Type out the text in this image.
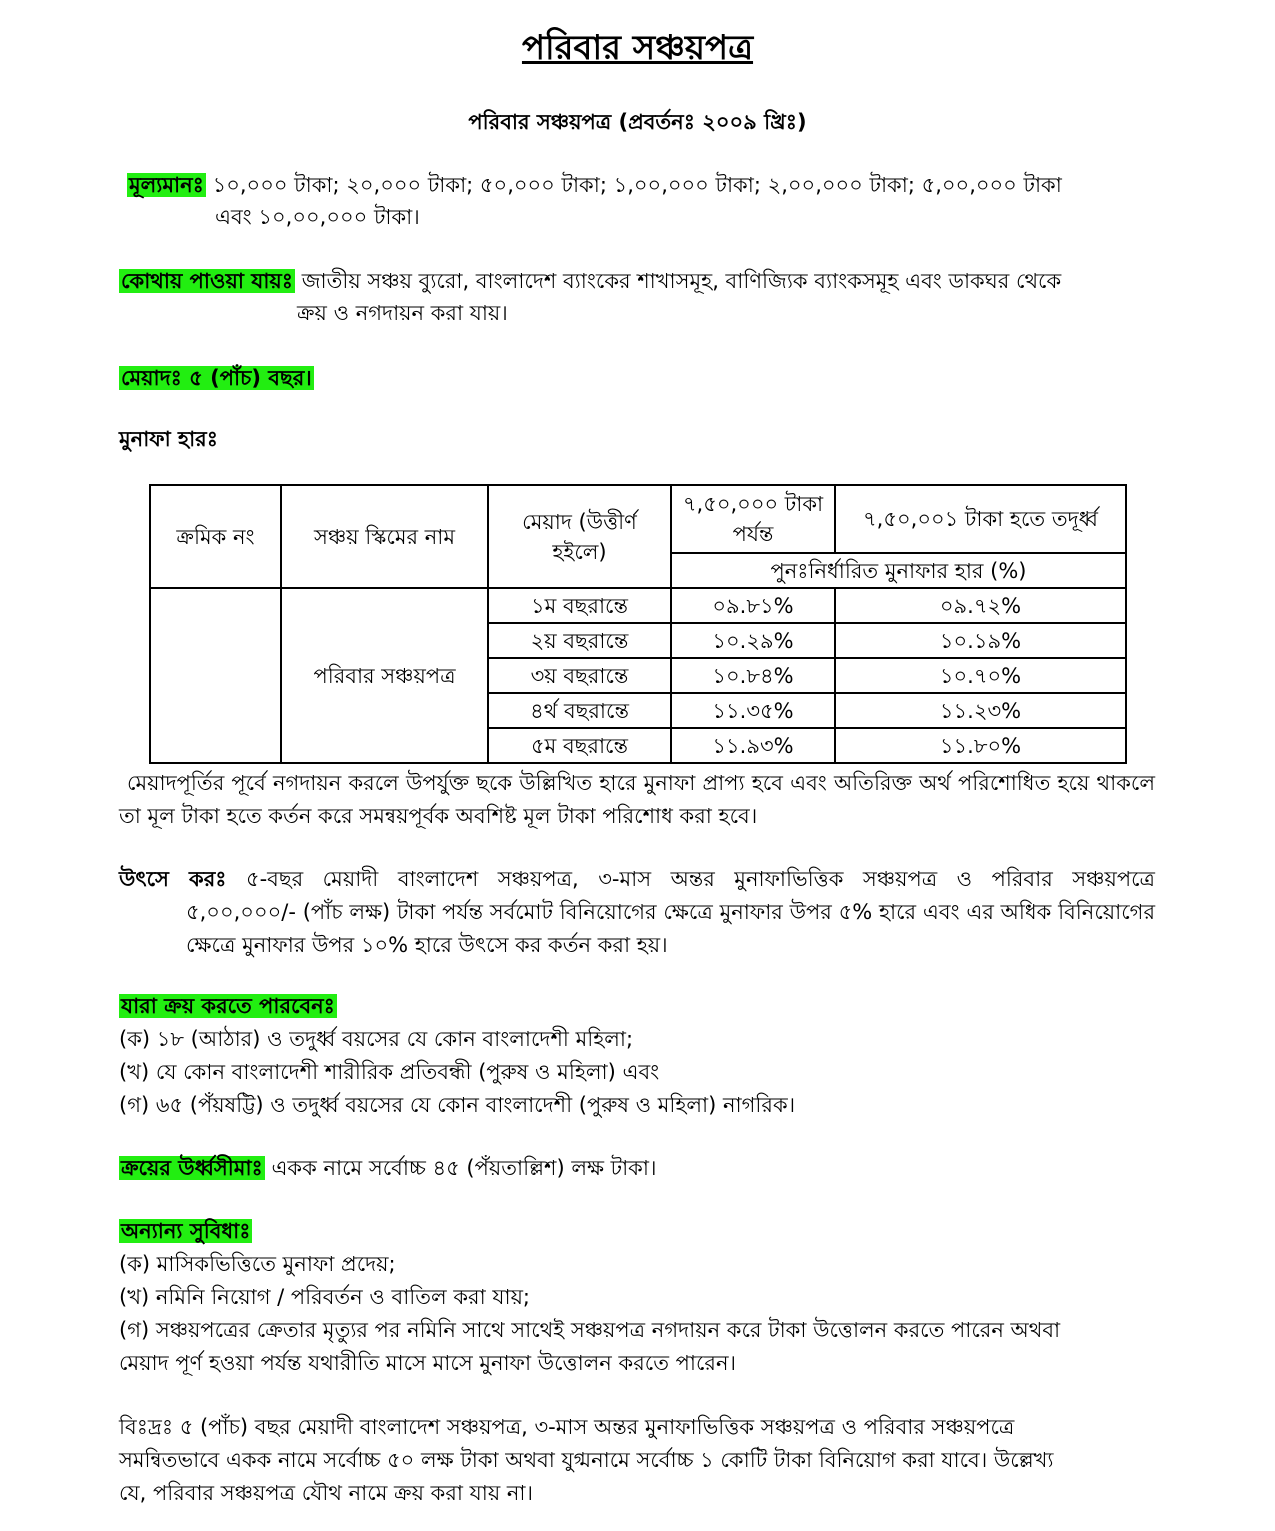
পরিবার সঞ্চয়পত্র
পরিবার সঞ্চয়পত্র (প্রবর্তনঃ ২০০৯ খ্রিঃ)
মূল্যমানঃ ১০,০০০ টাকা; ২০,০০০ টাকা; ৫০,০০০ টাকা; ১,০০,০০০ টাকা; ২,০০,০০০ টাকা; ৫,০০,০০০ টাকা
এবং ১০,০০,০০০ টাকা।
কোথায় পাওয়া যায়ঃ জাতীয় সঞ্চয় ব্যুরো, বাংলাদেশ ব্যাংকের শাখাসমূহ, বাণিজ্যিক ব্যাংকসমূহ এবং ডাকঘর থেকে
ক্রয় ও নগদায়ন করা যায়।
মেয়াদঃ ৫ (পাঁচ) বছর।
মুনাফা হারঃ
ক্রমিক নং	সঞ্চয় স্কিমের নাম	মেয়াদ (উত্তীর্ণ হইলে)	৭,৫০,০০০ টাকা পর্যন্ত	৭,৫০,০০১ টাকা হতে তদূর্ধ্ব
			পুনঃনির্ধারিত মুনাফার হার (%)	
	পরিবার সঞ্চয়পত্র	১ম বছরান্তে	০৯.৮১%	০৯.৭২%
		২য় বছরান্তে	১০.২৯%	১০.১৯%
		৩য় বছরান্তে	১০.৮৪%	১০.৭০%
		৪র্থ বছরান্তে	১১.৩৫%	১১.২৩%
		৫ম বছরান্তে	১১.৯৩%	১১.৮০%
মেয়াদপূর্তির পূর্বে নগদায়ন করলে উপর্যুক্ত ছকে উল্লিখিত হারে মুনাফা প্রাপ্য হবে এবং অতিরিক্ত অর্থ পরিশোধিত হয়ে থাকলে তা মূল টাকা হতে কর্তন করে সমন্বয়পূর্বক অবশিষ্ট মূল টাকা পরিশোধ করা হবে।
উৎসে করঃ ৫-বছর মেয়াদী বাংলাদেশ সঞ্চয়পত্র, ৩-মাস অন্তর মুনাফাভিত্তিক সঞ্চয়পত্র ও পরিবার সঞ্চয়পত্রে
৫,০০,০০০/- (পাঁচ লক্ষ) টাকা পর্যন্ত সর্বমোট বিনিয়োগের ক্ষেত্রে মুনাফার উপর ৫% হারে এবং এর অধিক বিনিয়োগের ক্ষেত্রে মুনাফার উপর ১০% হারে উৎসে কর কর্তন করা হয়।
যারা ক্রয় করতে পারবেনঃ
(ক) ১৮ (আঠার) ও তদুর্ধ্ব বয়সের যে কোন বাংলাদেশী মহিলা;
(খ) যে কোন বাংলাদেশী শারীরিক প্রতিবন্ধী (পুরুষ ও মহিলা) এবং
(গ) ৬৫ (পঁয়ষট্টি) ও তদুর্ধ্ব বয়সের যে কোন বাংলাদেশী (পুরুষ ও মহিলা) নাগরিক।
ক্রয়ের উর্ধ্বসীমাঃ একক নামে সর্বোচ্চ ৪৫ (পঁয়তাল্লিশ) লক্ষ টাকা।
অন্যান্য সুবিধাঃ
(ক) মাসিকভিত্তিতে মুনাফা প্রদেয়;
(খ) নমিনি নিয়োগ / পরিবর্তন ও বাতিল করা যায়;
(গ) সঞ্চয়পত্রের ক্রেতার মৃত্যুর পর নমিনি সাথে সাথেই সঞ্চয়পত্র নগদায়ন করে টাকা উত্তোলন করতে পারেন অথবা
মেয়াদ পূর্ণ হওয়া পর্যন্ত যথারীতি মাসে মাসে মুনাফা উত্তোলন করতে পারেন।
বিঃদ্রঃ ৫ (পাঁচ) বছর মেয়াদী বাংলাদেশ সঞ্চয়পত্র, ৩-মাস অন্তর মুনাফাভিত্তিক সঞ্চয়পত্র ও পরিবার সঞ্চয়পত্রে
সমন্বিতভাবে একক নামে সর্বোচ্চ ৫০ লক্ষ টাকা অথবা যুগ্মনামে সর্বোচ্চ ১ কোটি টাকা বিনিয়োগ করা যাবে। উল্লেখ্য
যে, পরিবার সঞ্চয়পত্র যৌথ নামে ক্রয় করা যায় না।
